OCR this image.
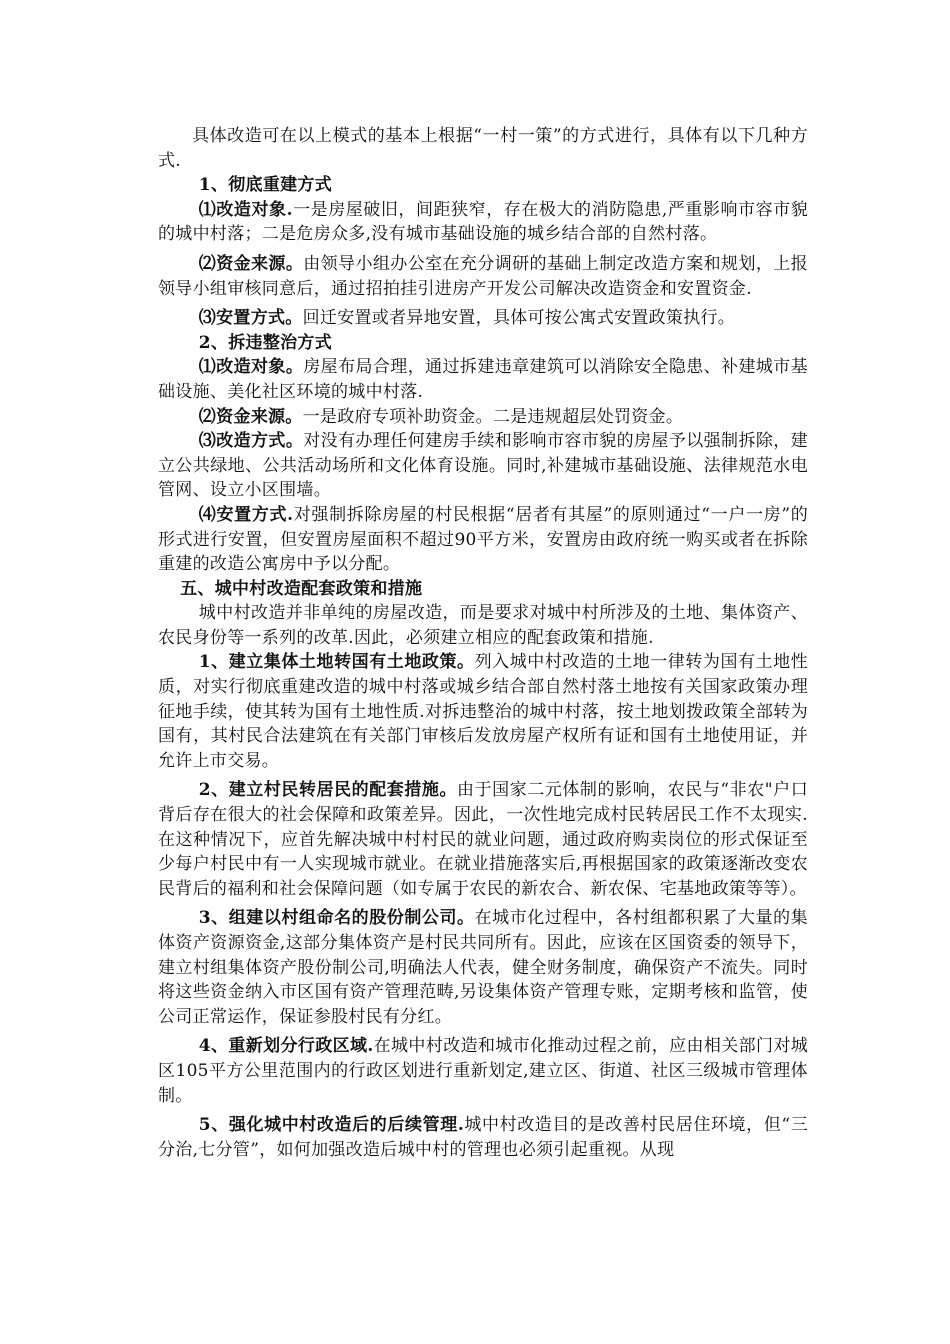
具体改造可在以上模式的基本上根据“一村一策”的方式进行，具体有以下几种方式.

1、彻底重建方式

⑴改造对象.一是房屋破旧，间距狭窄，存在极大的消防隐患,严重影响市容市貌的城中村落；二是危房众多,没有城市基础设施的城乡结合部的自然村落。

⑵资金来源。由领导小组办公室在充分调研的基础上制定改造方案和规划，上报领导小组审核同意后，通过招拍挂引进房产开发公司解决改造资金和安置资金.

⑶安置方式。回迁安置或者异地安置，具体可按公寓式安置政策执行。

2、拆违整治方式

⑴改造对象。房屋布局合理，通过拆建违章建筑可以消除安全隐患、补建城市基础设施、美化社区环境的城中村落.

⑵资金来源。一是政府专项补助资金。二是违规超层处罚资金。

⑶改造方式。对没有办理任何建房手续和影响市容市貌的房屋予以强制拆除，建立公共绿地、公共活动场所和文化体育设施。同时,补建城市基础设施、法律规范水电管网、设立小区围墙。

⑷安置方式.对强制拆除房屋的村民根据“居者有其屋”的原则通过“一户一房”的形式进行安置，但安置房屋面积不超过90平方米，安置房由政府统一购买或者在拆除重建的改造公寓房中予以分配。

五、城中村改造配套政策和措施

城中村改造并非单纯的房屋改造，而是要求对城中村所涉及的土地、集体资产、农民身份等一系列的改革.因此，必须建立相应的配套政策和措施.

1、建立集体土地转国有土地政策。列入城中村改造的土地一律转为国有土地性质，对实行彻底重建改造的城中村落或城乡结合部自然村落土地按有关国家政策办理征地手续，使其转为国有土地性质.对拆违整治的城中村落，按土地划拨政策全部转为国有，其村民合法建筑在有关部门审核后发放房屋产权所有证和国有土地使用证，并允许上市交易。

2、建立村民转居民的配套措施。由于国家二元体制的影响，农民与“非农"户口背后存在很大的社会保障和政策差异。因此，一次性地完成村民转居民工作不太现实.在这种情况下，应首先解决城中村村民的就业问题，通过政府购卖岗位的形式保证至少每户村民中有一人实现城市就业。在就业措施落实后,再根据国家的政策逐渐改变农民背后的福利和社会保障问题（如专属于农民的新农合、新农保、宅基地政策等等）。

3、组建以村组命名的股份制公司。在城市化过程中，各村组都积累了大量的集体资产资源资金,这部分集体资产是村民共同所有。因此，应该在区国资委的领导下，建立村组集体资产股份制公司,明确法人代表，健全财务制度，确保资产不流失。同时将这些资金纳入市区国有资产管理范畴,另设集体资产管理专账，定期考核和监管，使公司正常运作，保证参股村民有分红。

4、重新划分行政区域.在城中村改造和城市化推动过程之前，应由相关部门对城区105平方公里范围内的行政区划进行重新划定,建立区、街道、社区三级城市管理体制。

5、强化城中村改造后的后续管理.城中村改造目的是改善村民居住环境，但“三分治,七分管”，如何加强改造后城中村的管理也必须引起重视。从现
